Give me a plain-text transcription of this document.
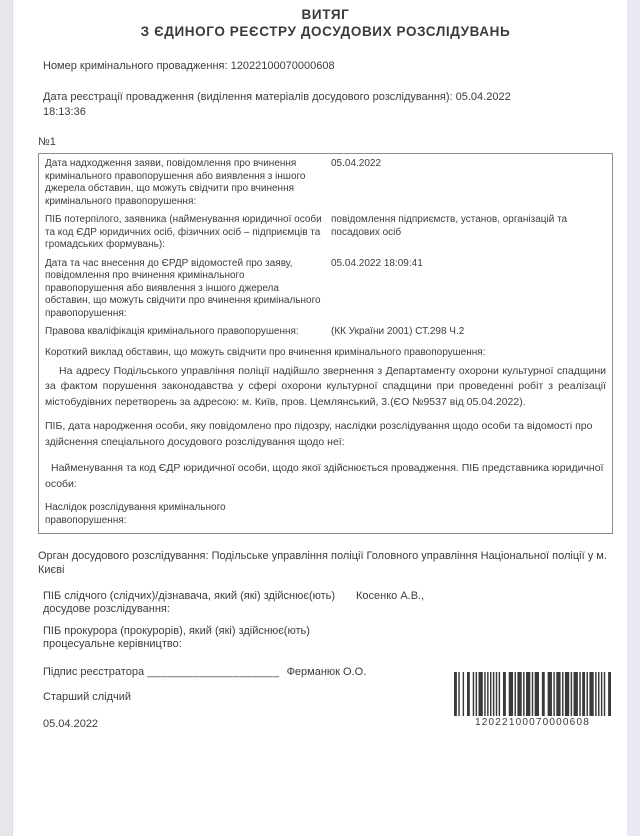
ВИТЯГ
З ЄДИНОГО РЕЄСТРУ ДОСУДОВИХ РОЗСЛІДУВАНЬ
Номер кримінального провадження: 12022100070000608
Дата реєстрації провадження (виділення матеріалів досудового розслідування): 05.04.2022
18:13:36
№1
Дата надходження заяви, повідомлення про вчинення кримінального правопорушення або виявлення з іншого джерела обставин, що можуть свідчити про вчинення кримінального правопорушення:
05.04.2022
ПІБ потерпілого, заявника (найменування юридичної особи та код ЄДР юридичних осіб, фізичних осіб – підприємців та громадських формувань):
повідомлення підприємств, установ, організацій та посадових осіб
Дата та час внесення до ЄРДР відомостей про заяву, повідомлення про вчинення кримінального правопорушення або виявлення з іншого джерела обставин, що можуть свідчити про вчинення кримінального правопорушення:
05.04.2022 18:09:41
Правова кваліфікація кримінального правопорушення:	(КК України 2001) СТ.298 Ч.2
Короткий виклад обставин, що можуть свідчити про вчинення кримінального правопорушення:

На адресу Подільського управління поліції надійшло звернення з Департаменту охорони культурної спадщини за фактом порушення законодавства у сфері охорони культурної спадщини при проведенні робіт з реалізації містобудівних перетворень за адресою: м. Київ, пров. Цемлянський, 3.(ЄО №9537 від 05.04.2022).

ПІБ, дата народження особи, яку повідомлено про підозру, наслідки розслідування щодо особи та відомості про здійснення спеціального досудового розслідування щодо неї:
Найменування та код ЄДР юридичної особи, щодо якої здійснюється провадження. ПІБ представника юридичної особи:
Наслідок розслідування кримінального правопорушення:
Орган досудового розслідування: Подільське управління поліції Головного управління Національної поліції у м. Києві
ПІБ слідчого (слідчих)/дізнавача, який (які) здійснює(ють) досудове розслідування:
Косенко А.В.,
ПІБ прокурора (прокурорів), який (які) здійснює(ють) процесуальне керівництво:
Підпис реєстратора ____________________ Ферманюк О.О.
Старший слідчий
05.04.2022	12022100070000608
